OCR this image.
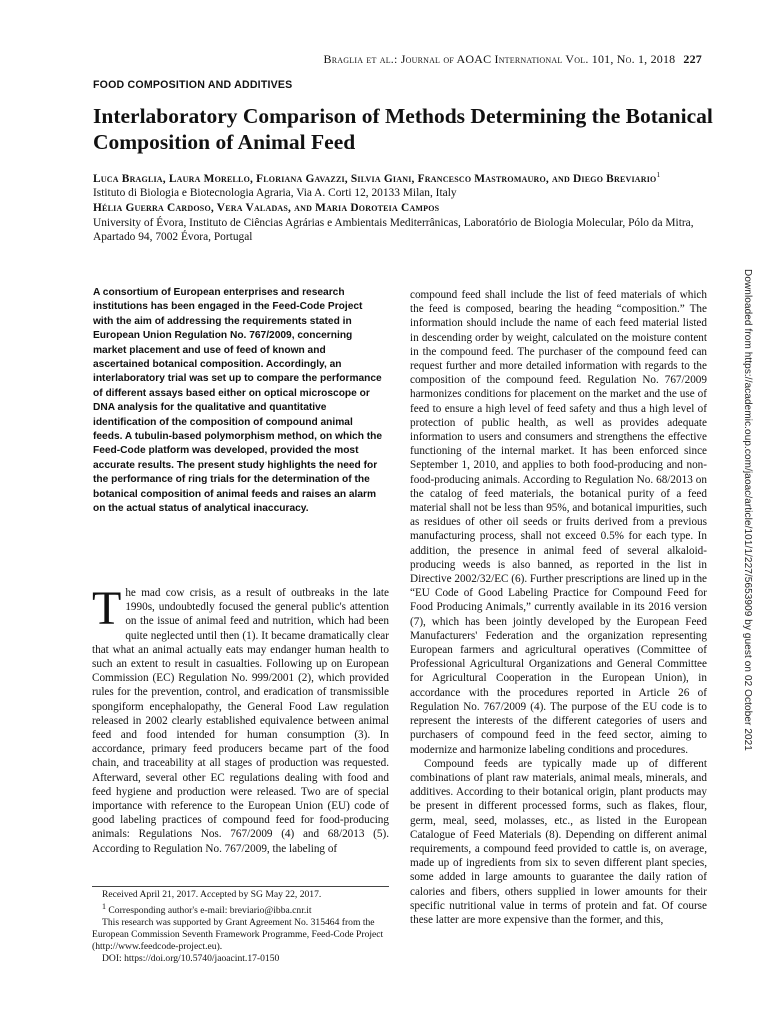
Braglia et al.: Journal of AOAC International Vol. 101, No. 1, 2018 227
FOOD COMPOSITION AND ADDITIVES
Interlaboratory Comparison of Methods Determining the Botanical Composition of Animal Feed
Luca Braglia, Laura Morello, Floriana Gavazzi, Silvia Giani, Francesco Mastromauro, and Diego Breviario$^1$
Istituto di Biologia e Biotecnologia Agraria, Via A. Corti 12, 20133 Milan, Italy
Hélia Guerra Cardoso, Vera Valadas, and Maria Doroteia Campos
University of Évora, Instituto de Ciências Agrárias e Ambientais Mediterrânicas, Laboratório de Biologia Molecular, Pólo da Mitra, Apartado 94, 7002 Évora, Portugal
A consortium of European enterprises and research institutions has been engaged in the Feed-Code Project with the aim of addressing the requirements stated in European Union Regulation No. 767/2009, concerning market placement and use of feed of known and ascertained botanical composition. Accordingly, an interlaboratory trial was set up to compare the performance of different assays based either on optical microscope or DNA analysis for the qualitative and quantitative identification of the composition of compound animal feeds. A tubulin-based polymorphism method, on which the Feed-Code platform was developed, provided the most accurate results. The present study highlights the need for the performance of ring trials for the determination of the botanical composition of animal feeds and raises an alarm on the actual status of analytical inaccuracy.

The mad cow crisis, as a result of outbreaks in the late 1990s, undoubtedly focused the general public's attention on the issue of animal feed and nutrition, which had been quite neglected until then (1). It became dramatically clear that what an animal actually eats may endanger human health to such an extent to result in casualties. Following up on European Commission (EC) Regulation No. 999/2001 (2), which provided rules for the prevention, control, and eradication of transmissible spongiform encephalopathy, the General Food Law regulation released in 2002 clearly established equivalence between animal feed and food intended for human consumption (3). In accordance, primary feed producers became part of the food chain, and traceability at all stages of production was requested. Afterward, several other EC regulations dealing with food and feed hygiene and production were released. Two are of special importance with reference to the European Union (EU) code of good labeling practices of compound feed for food-producing animals: Regulations Nos. 767/2009 (4) and 68/2013 (5). According to Regulation No. 767/2009, the labeling of

Received April 21, 2017. Accepted by SG May 22, 2017.

$^1$ Corresponding author's e-mail: breviario@ibba.cnr.it

This research was supported by Grant Agreement No. 315464 from the European Commission Seventh Framework Programme, Feed-Code Project (http://www.feedcode-project.eu).

DOI: https://doi.org/10.5740/jaoacint.17-0150

compound feed shall include the list of feed materials of which the feed is composed, bearing the heading “composition.” The information should include the name of each feed material listed in descending order by weight, calculated on the moisture content in the compound feed. The purchaser of the compound feed can request further and more detailed information with regards to the composition of the compound feed. Regulation No. 767/2009 harmonizes conditions for placement on the market and the use of feed to ensure a high level of feed safety and thus a high level of protection of public health, as well as provides adequate information to users and consumers and strengthens the effective functioning of the internal market. It has been enforced since September 1, 2010, and applies to both food-producing and non-food-producing animals. According to Regulation No. 68/2013 on the catalog of feed materials, the botanical purity of a feed material shall not be less than 95%, and botanical impurities, such as residues of other oil seeds or fruits derived from a previous manufacturing process, shall not exceed 0.5% for each type. In addition, the presence in animal feed of several alkaloid-producing weeds is also banned, as reported in the list in Directive 2002/32/EC (6). Further prescriptions are lined up in the “EU Code of Good Labeling Practice for Compound Feed for Food Producing Animals,” currently available in its 2016 version (7), which has been jointly developed by the European Feed Manufacturers' Federation and the organization representing European farmers and agricultural operatives (Committee of Professional Agricultural Organizations and General Committee for Agricultural Cooperation in the European Union), in accordance with the procedures reported in Article 26 of Regulation No. 767/2009 (4). The purpose of the EU code is to represent the interests of the different categories of users and purchasers of compound feed in the feed sector, aiming to modernize and harmonize labeling conditions and procedures.

Compound feeds are typically made up of different combinations of plant raw materials, animal meals, minerals, and additives. According to their botanical origin, plant products may be present in different processed forms, such as flakes, flour, germ, meal, seed, molasses, etc., as listed in the European Catalogue of Feed Materials (8). Depending on different animal requirements, a compound feed provided to cattle is, on average, made up of ingredients from six to seven different plant species, some added in large amounts to guarantee the daily ration of calories and fibers, others supplied in lower amounts for their specific nutritional value in terms of protein and fat. Of course these latter are more expensive than the former, and this,

Downloaded from https://academic.oup.com/jaoac/article/101/1/227/5653909 by guest on 02 October 2021
